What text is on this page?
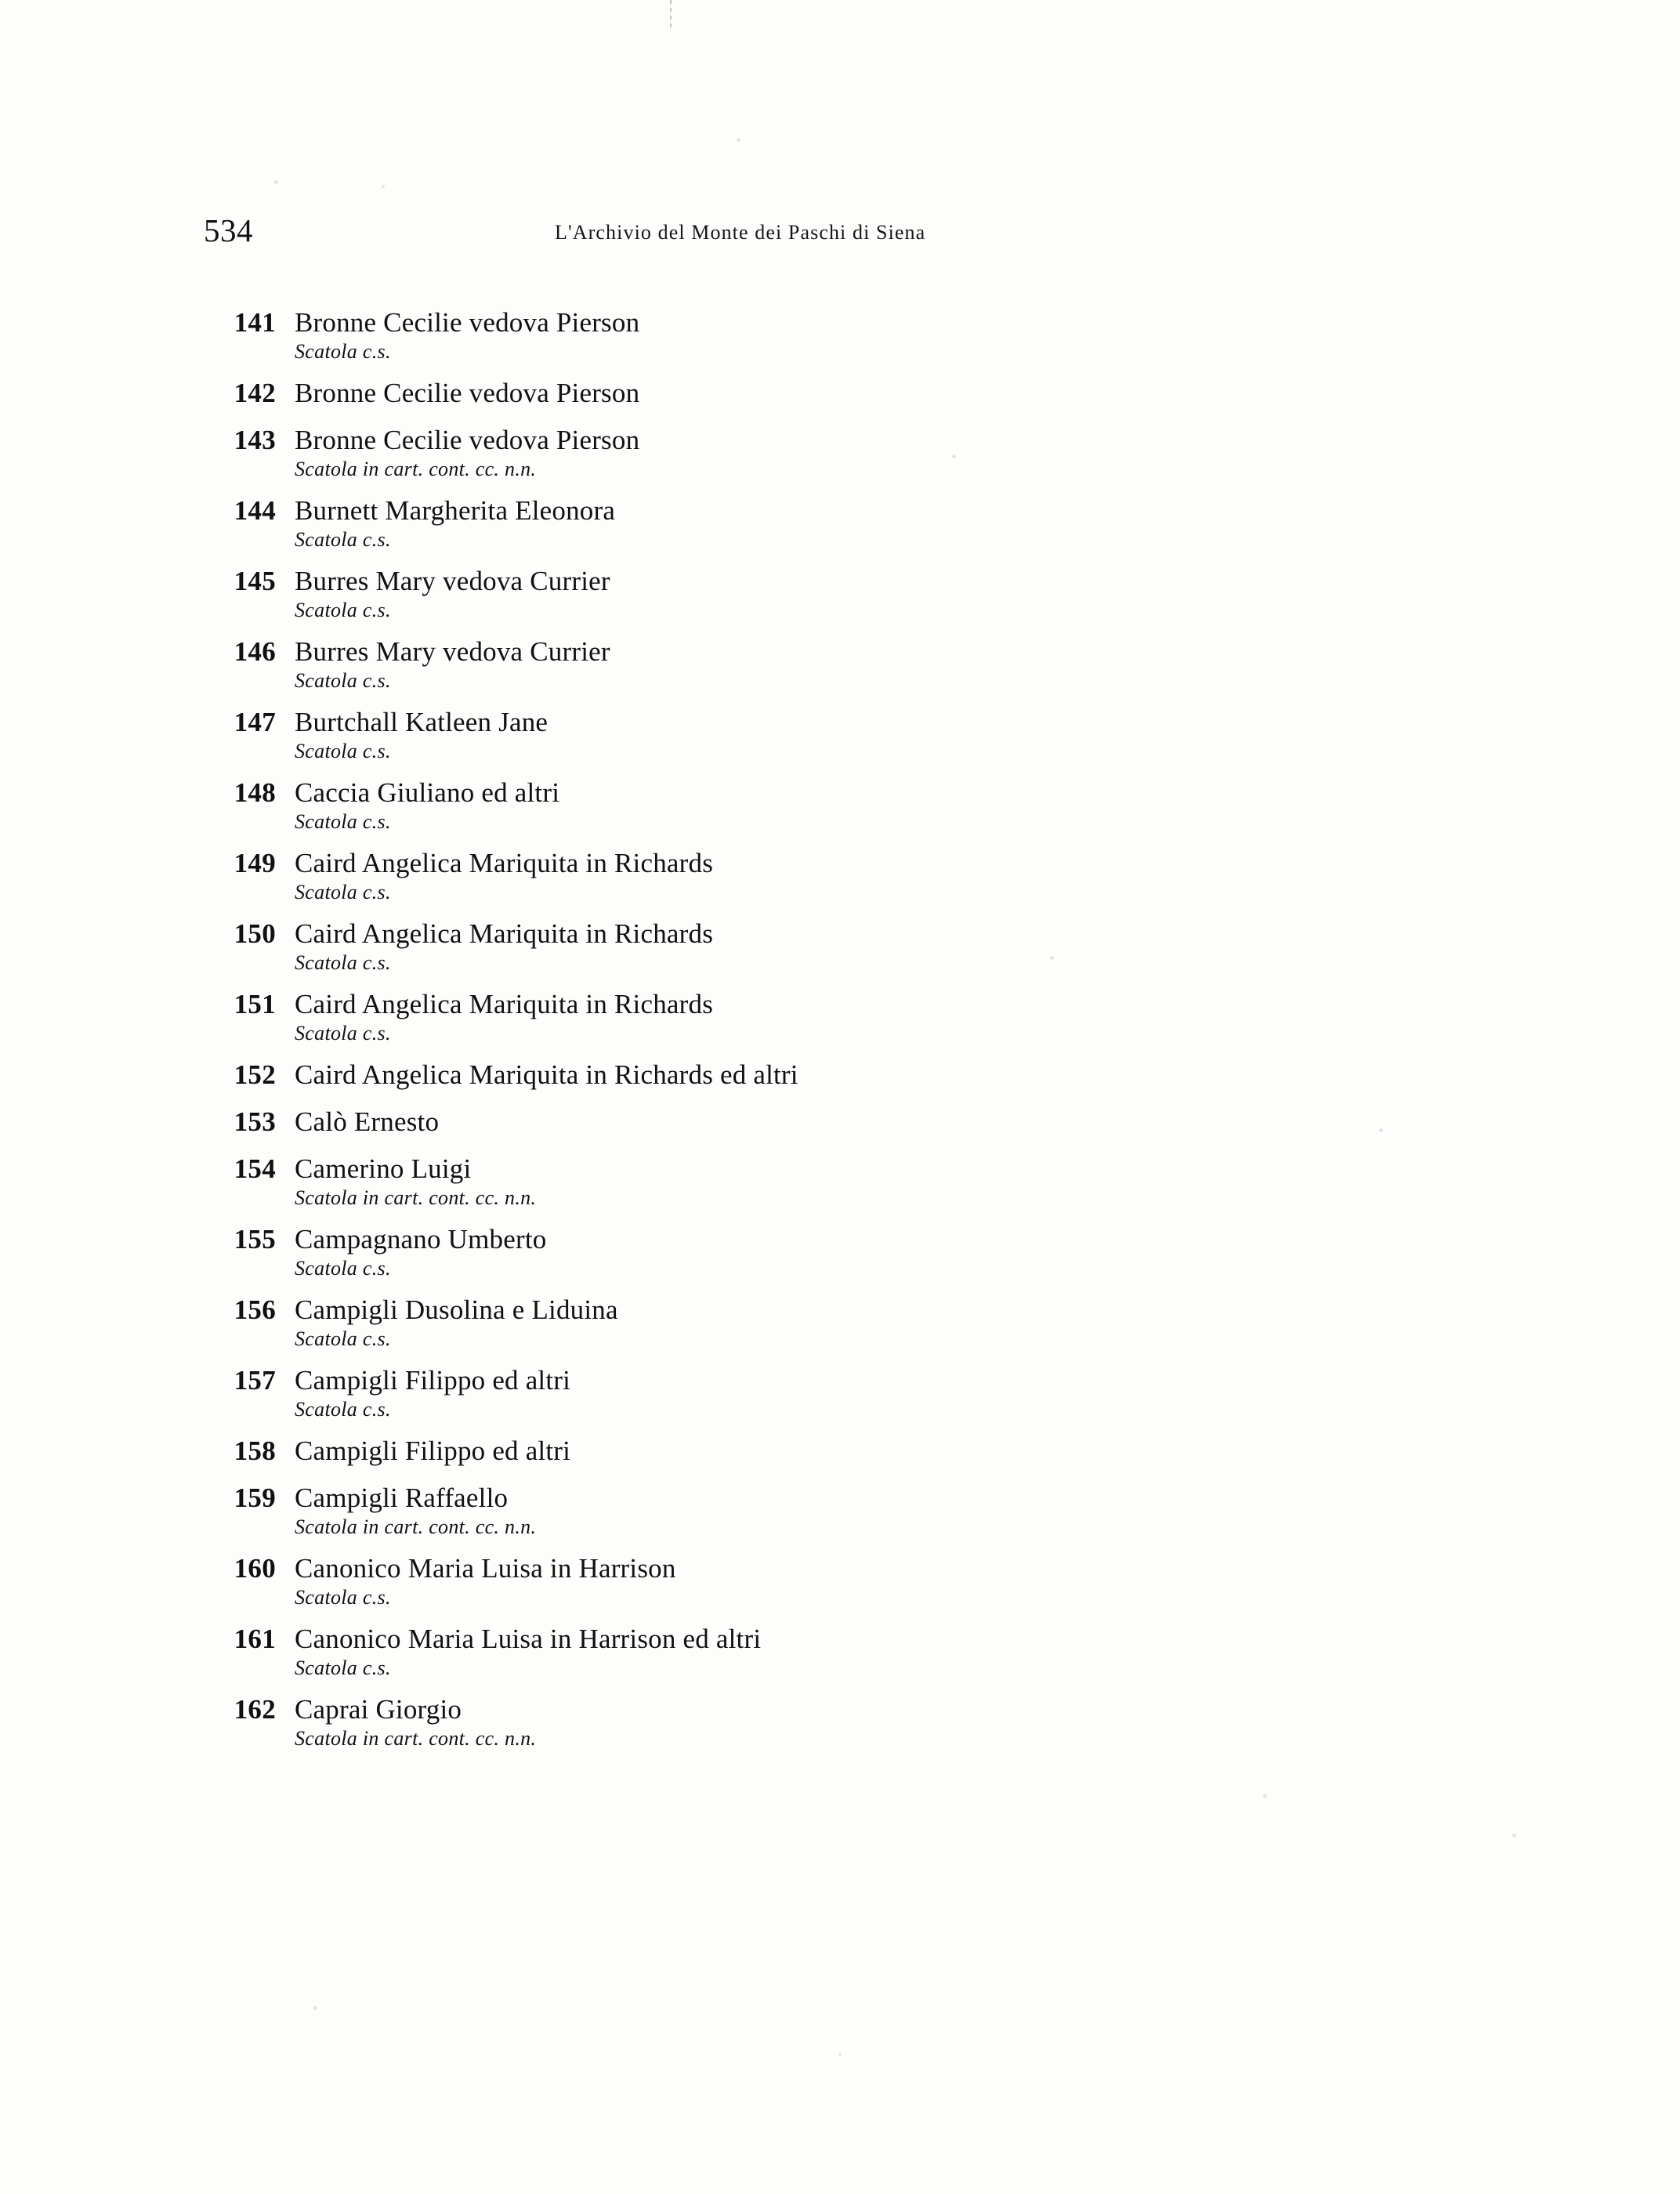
534	L'Archivio del Monte dei Paschi di Siena
141 Bronne Cecilie vedova Pierson
Scatola c.s.
142 Bronne Cecilie vedova Pierson
143 Bronne Cecilie vedova Pierson
Scatola in cart. cont. cc. n.n.
144 Burnett Margherita Eleonora
Scatola c.s.
145 Burres Mary vedova Currier
Scatola c.s.
146 Burres Mary vedova Currier
Scatola c.s.
147 Burtchall Katleen Jane
Scatola c.s.
148 Caccia Giuliano ed altri
Scatola c.s.
149 Caird Angelica Mariquita in Richards
Scatola c.s.
150 Caird Angelica Mariquita in Richards
Scatola c.s.
151 Caird Angelica Mariquita in Richards
Scatola c.s.
152 Caird Angelica Mariquita in Richards ed altri
153 Calò Ernesto
154 Camerino Luigi
Scatola in cart. cont. cc. n.n.
155 Campagnano Umberto
Scatola c.s.
156 Campigli Dusolina e Liduina
Scatola c.s.
157 Campigli Filippo ed altri
Scatola c.s.
158 Campigli Filippo ed altri
159 Campigli Raffaello
Scatola in cart. cont. cc. n.n.
160 Canonico Maria Luisa in Harrison
Scatola c.s.
161 Canonico Maria Luisa in Harrison ed altri
Scatola c.s.
162 Caprai Giorgio
Scatola in cart. cont. cc. n.n.
